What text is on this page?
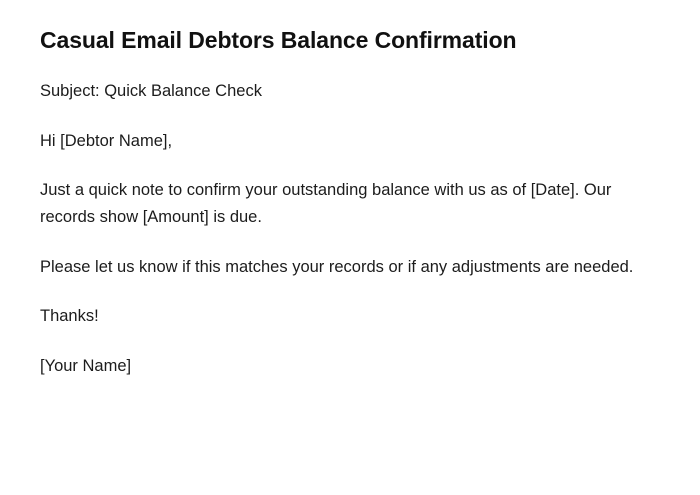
Casual Email Debtors Balance Confirmation

Subject: Quick Balance Check

Hi [Debtor Name],

Just a quick note to confirm your outstanding balance with us as of [Date]. Our records show [Amount] is due.

Please let us know if this matches your records or if any adjustments are needed.

Thanks!

[Your Name]
